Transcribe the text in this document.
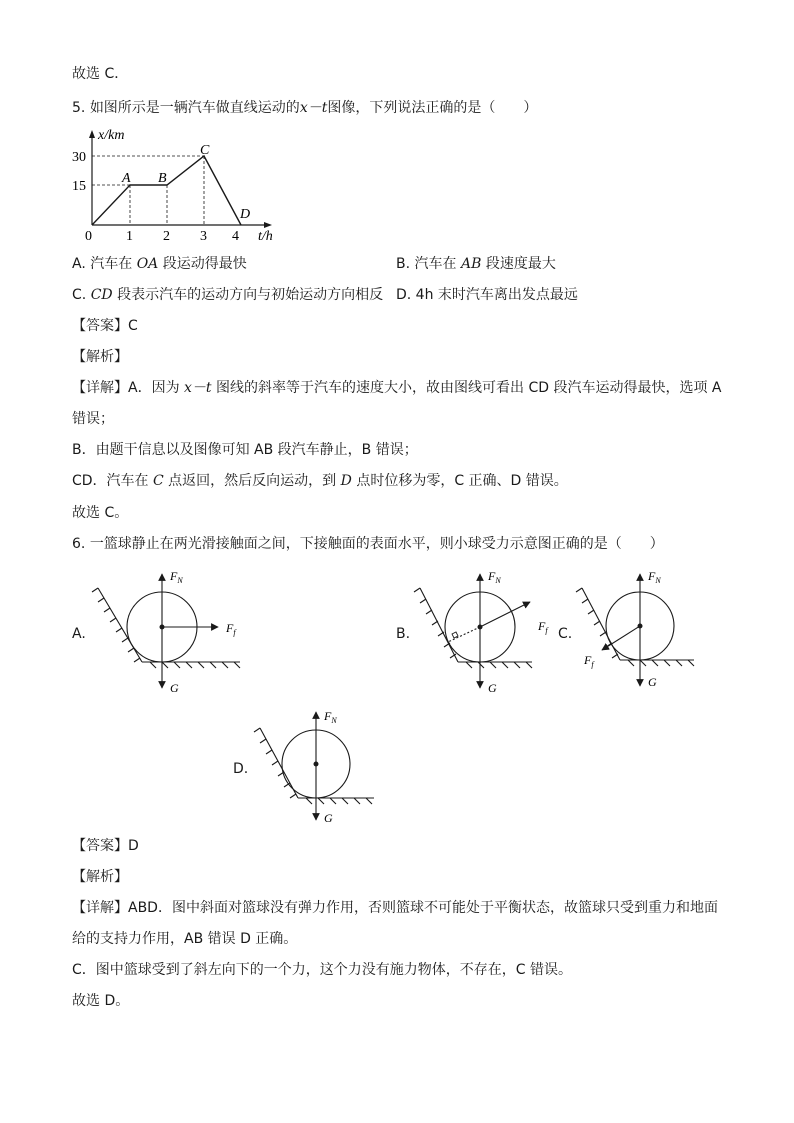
故选 C．
5. 如图所示是一辆汽车做直线运动的x－t图像，下列说法正确的是（　　）
x/km
t/h
30
15
0 1 2 3 4
A B
C
D
A. 汽车在 OA 段运动得最快	B. 汽车在 AB 段速度最大
C. CD 段表示汽车的运动方向与初始运动方向相反 D. 4h 末时汽车离出发点最远
【答案】C
【解析】
【详解】A．因为 x－t 图线的斜率等于汽车的速度大小，故由图线可看出 CD 段汽车运动得最快，选项 A
错误；
B．由题干信息以及图像可知 AB 段汽车静止，B 错误；
CD．汽车在 C 点返回，然后反向运动，到 D 点时位移为零，C 正确、D 错误。
故选 C。
6. 一篮球静止在两光滑接触面之间，下接触面的表面水平，则小球受力示意图正确的是（　　）
A.
$F_N$
G
$F_f$	B.
$F_N$
G
$F_f$ C.
$F_N$
G
$F_f$
D.
$F_N$
G
【答案】D
【解析】
【详解】ABD．图中斜面对篮球没有弹力作用，否则篮球不可能处于平衡状态，故篮球只受到重力和地面
给的支持力作用，AB 错误 D 正确。
C．图中篮球受到了斜左向下的一个力，这个力没有施力物体，不存在，C 错误。
故选 D。
